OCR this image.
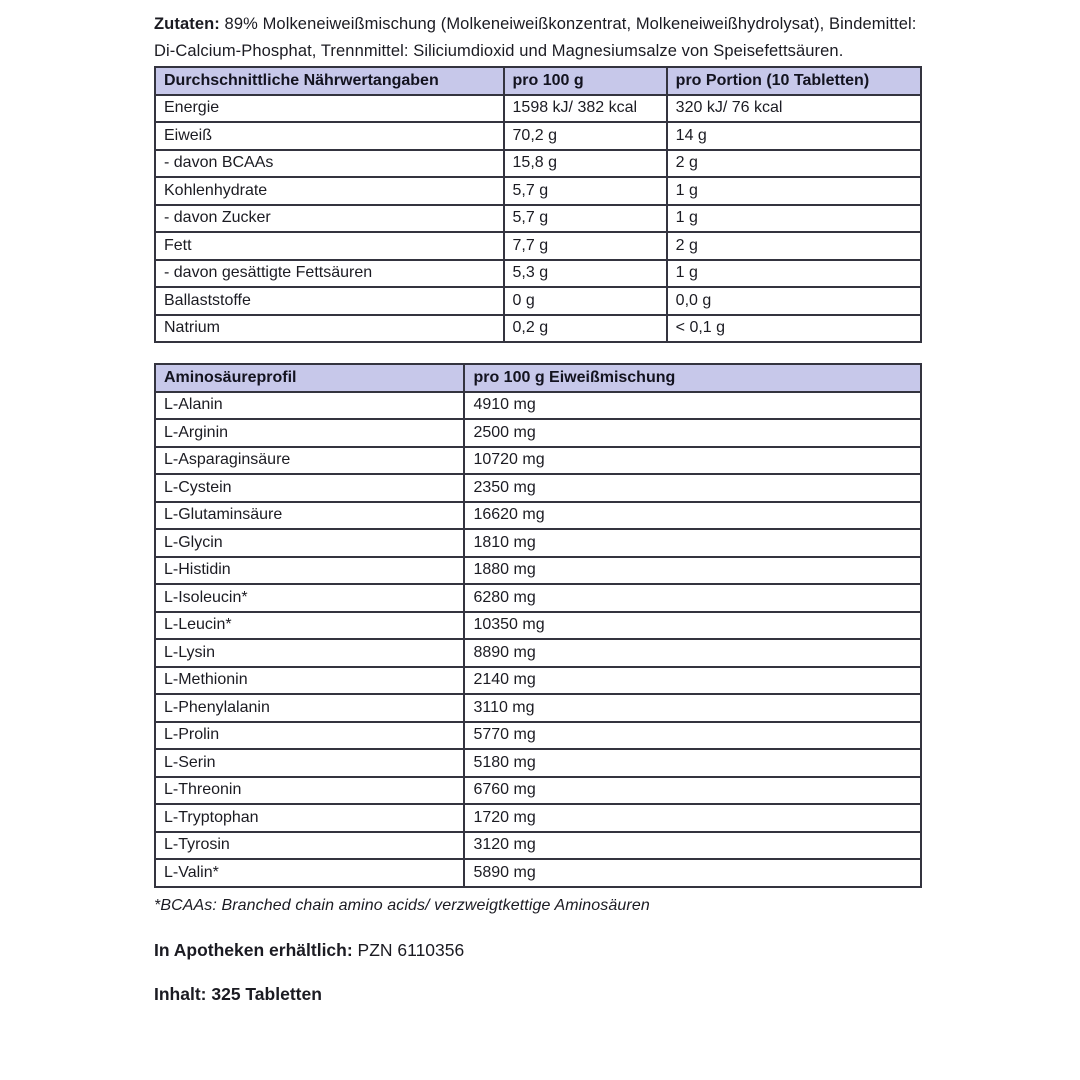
Zutaten: 89% Molkeneiweißmischung (Molkeneiweißkonzentrat, Molkeneiweißhydrolysat), Bindemittel: Di-Calcium-Phosphat, Trennmittel: Siliciumdioxid und Magnesiumsalze von Speisefettsäuren.

Durchschnittliche Nährwertangaben	pro 100 g	pro Portion (10 Tabletten)
Energie	1598 kJ/ 382 kcal	320 kJ/ 76 kcal
Eiweiß	70,2 g	14 g
- davon BCAAs	15,8 g	2 g
Kohlenhydrate	5,7 g	1 g
- davon Zucker	5,7 g	1 g
Fett	7,7 g	2 g
- davon gesättigte Fettsäuren	5,3 g	1 g
Ballaststoffe	0 g	0,0 g
Natrium	0,2 g	< 0,1 g
Aminosäureprofil	pro 100 g Eiweißmischung
L-Alanin	4910 mg
L-Arginin	2500 mg
L-Asparaginsäure	10720 mg
L-Cystein	2350 mg
L-Glutaminsäure	16620 mg
L-Glycin	1810 mg
L-Histidin	1880 mg
L-Isoleucin*	6280 mg
L-Leucin*	10350 mg
L-Lysin	8890 mg
L-Methionin	2140 mg
L-Phenylalanin	3110 mg
L-Prolin	5770 mg
L-Serin	5180 mg
L-Threonin	6760 mg
L-Tryptophan	1720 mg
L-Tyrosin	3120 mg
L-Valin*	5890 mg

*BCAAs: Branched chain amino acids/ verzweigtkettige Aminosäuren

In Apotheken erhältlich: PZN 6110356

Inhalt: 325 Tabletten
